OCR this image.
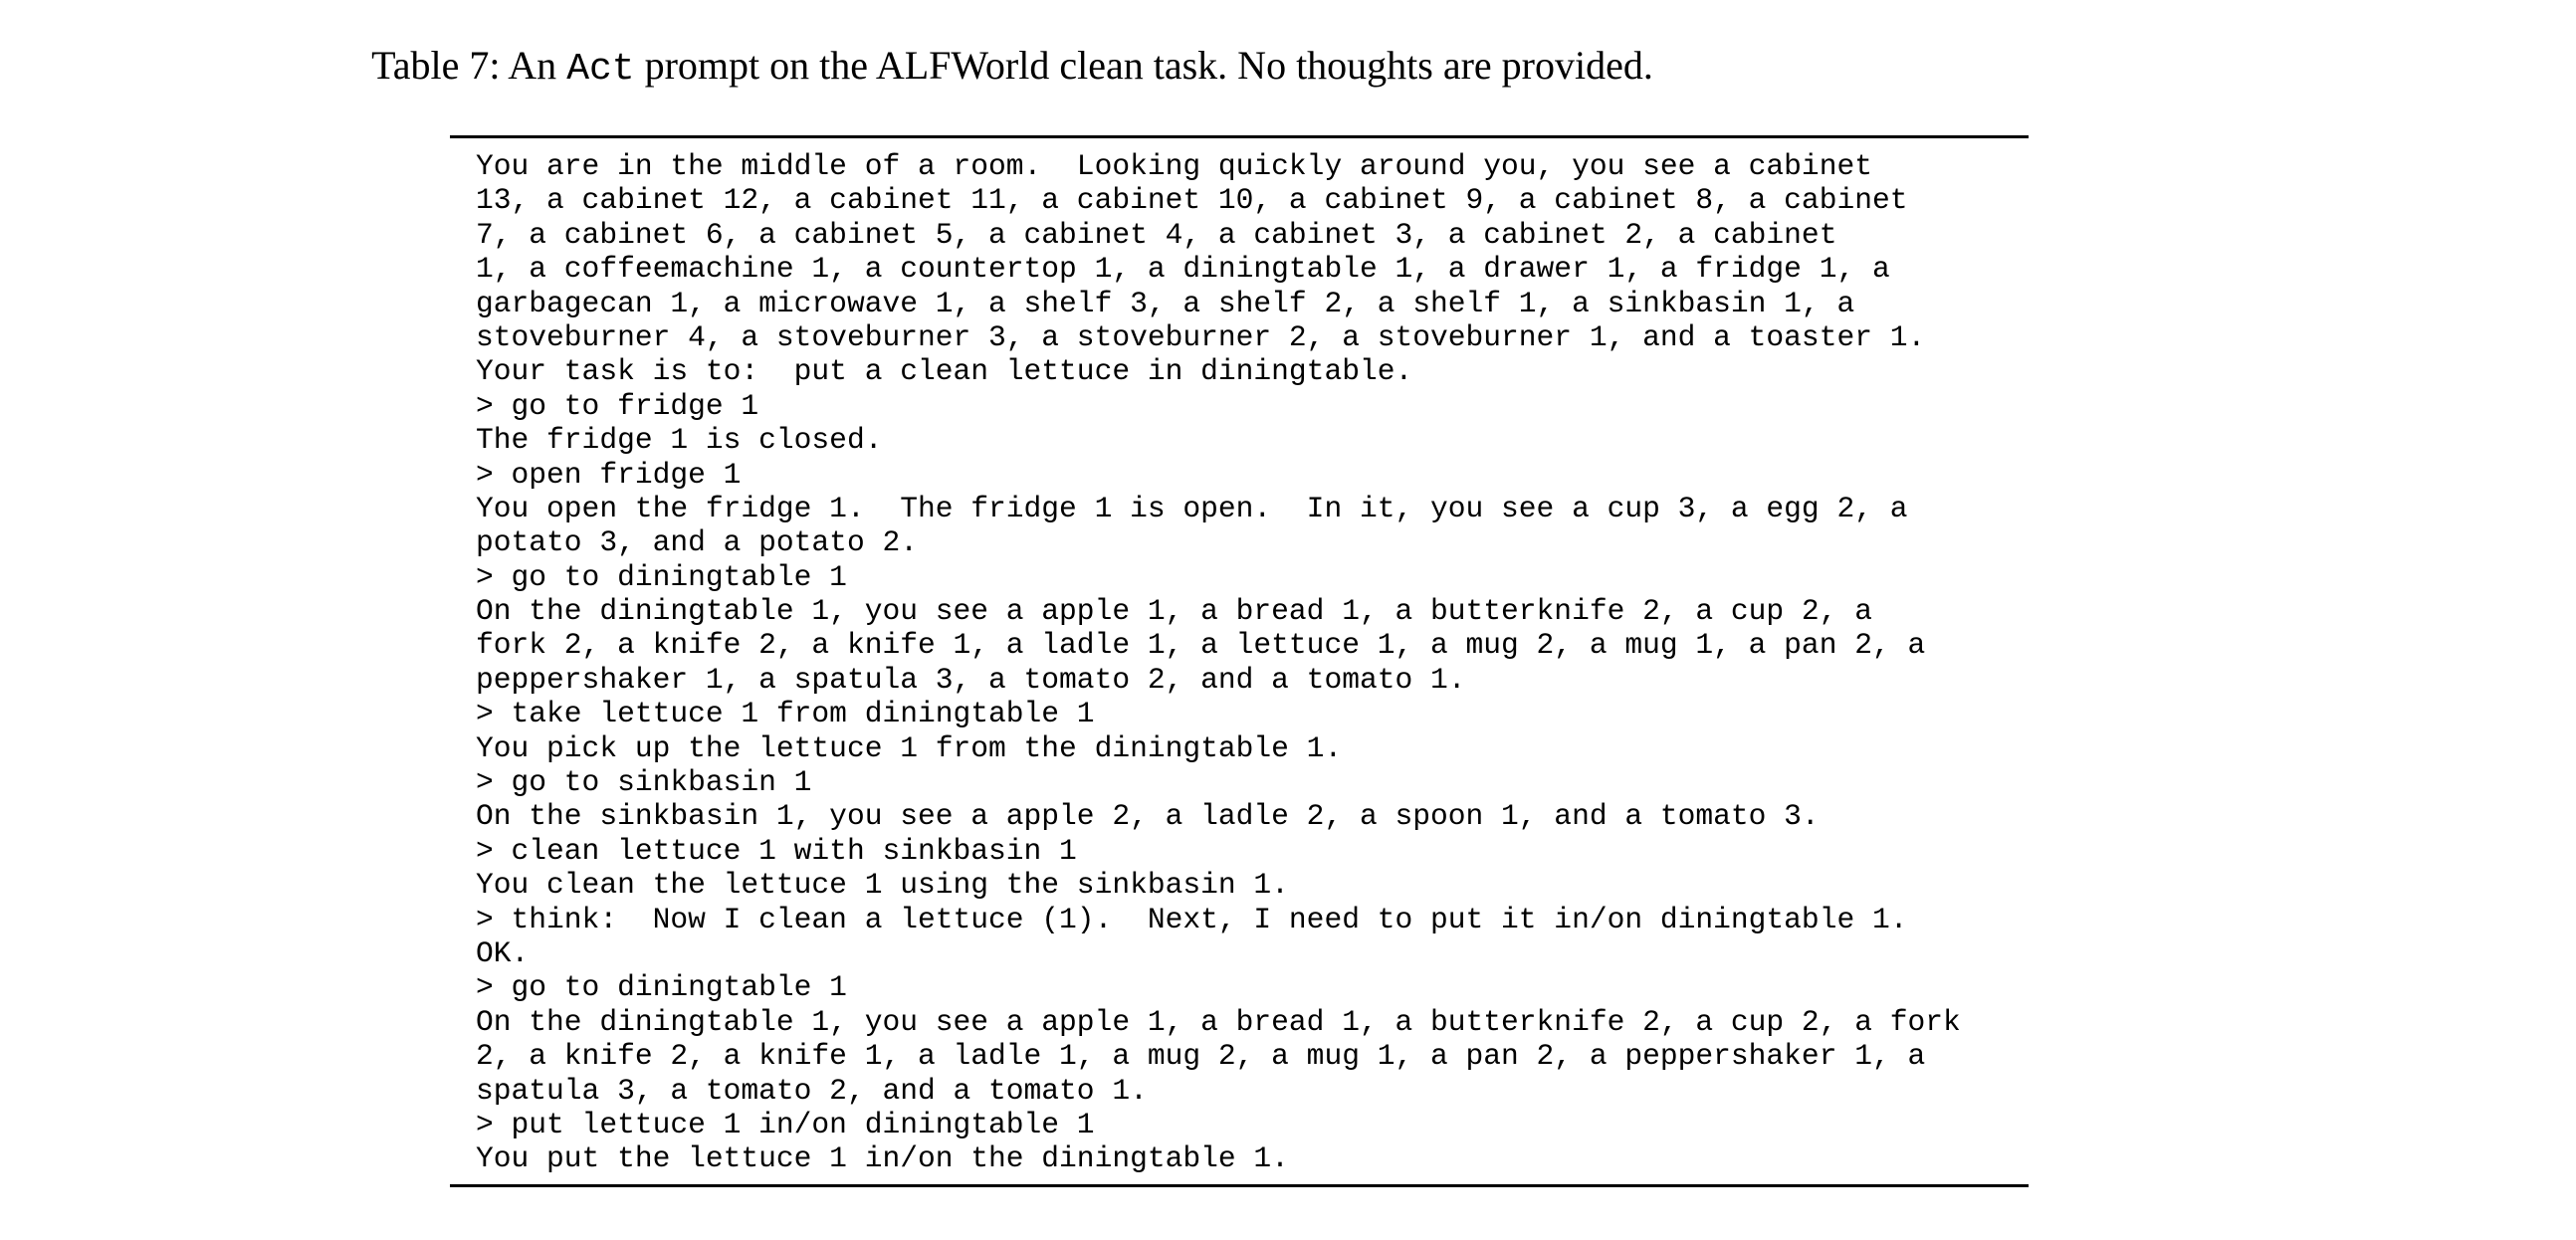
Table 7: An Act prompt on the ALFWorld clean task. No thoughts are provided.
You are in the middle of a room.  Looking quickly around you, you see a cabinet
13, a cabinet 12, a cabinet 11, a cabinet 10, a cabinet 9, a cabinet 8, a cabinet
7, a cabinet 6, a cabinet 5, a cabinet 4, a cabinet 3, a cabinet 2, a cabinet
1, a coffeemachine 1, a countertop 1, a diningtable 1, a drawer 1, a fridge 1, a
garbagecan 1, a microwave 1, a shelf 3, a shelf 2, a shelf 1, a sinkbasin 1, a
stoveburner 4, a stoveburner 3, a stoveburner 2, a stoveburner 1, and a toaster 1.
Your task is to:  put a clean lettuce in diningtable.
> go to fridge 1
The fridge 1 is closed.
> open fridge 1
You open the fridge 1.  The fridge 1 is open.  In it, you see a cup 3, a egg 2, a
potato 3, and a potato 2.
> go to diningtable 1
On the diningtable 1, you see a apple 1, a bread 1, a butterknife 2, a cup 2, a
fork 2, a knife 2, a knife 1, a ladle 1, a lettuce 1, a mug 2, a mug 1, a pan 2, a
peppershaker 1, a spatula 3, a tomato 2, and a tomato 1.
> take lettuce 1 from diningtable 1
You pick up the lettuce 1 from the diningtable 1.
> go to sinkbasin 1
On the sinkbasin 1, you see a apple 2, a ladle 2, a spoon 1, and a tomato 3.
> clean lettuce 1 with sinkbasin 1
You clean the lettuce 1 using the sinkbasin 1.
> think:  Now I clean a lettuce (1).  Next, I need to put it in/on diningtable 1.
OK.
> go to diningtable 1
On the diningtable 1, you see a apple 1, a bread 1, a butterknife 2, a cup 2, a fork
2, a knife 2, a knife 1, a ladle 1, a mug 2, a mug 1, a pan 2, a peppershaker 1, a
spatula 3, a tomato 2, and a tomato 1.
> put lettuce 1 in/on diningtable 1
You put the lettuce 1 in/on the diningtable 1.
